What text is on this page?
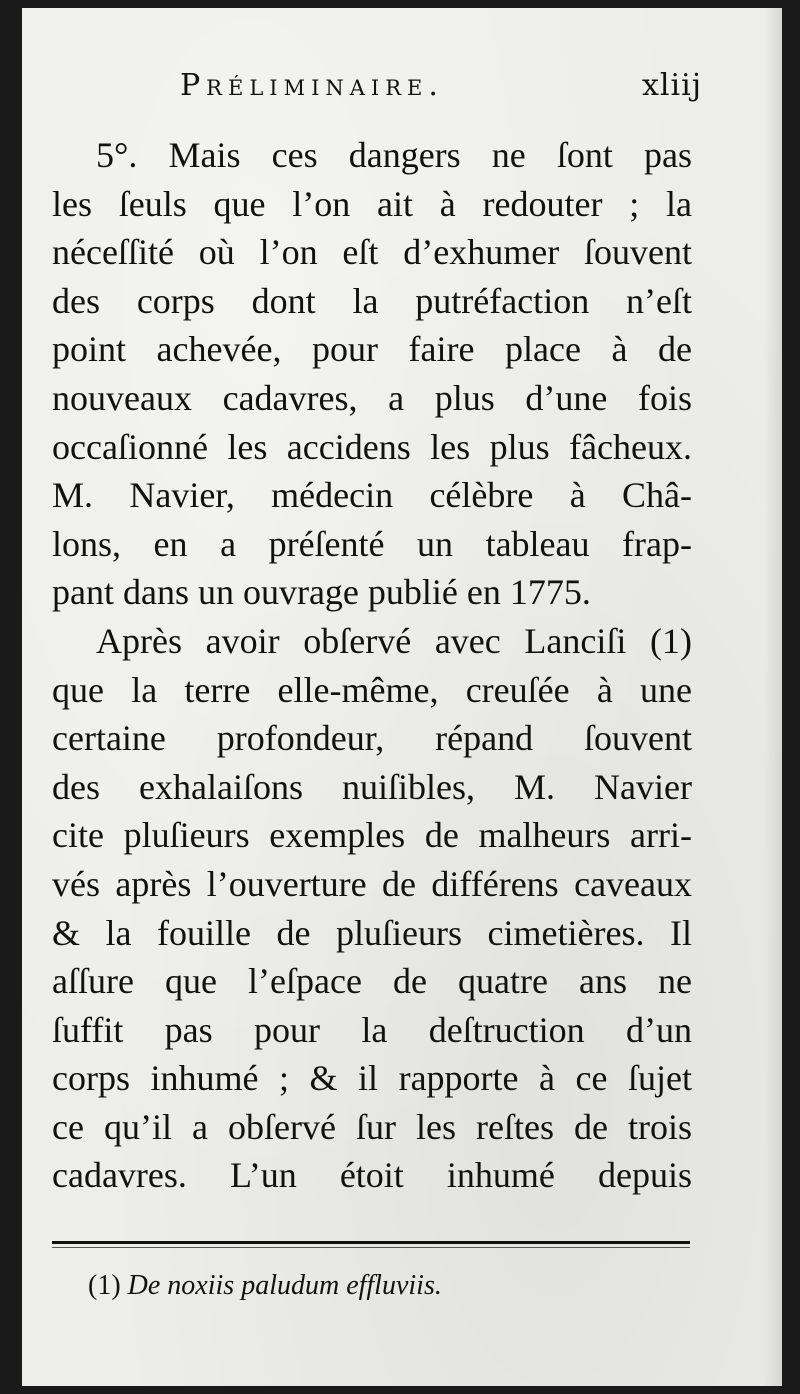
Préliminaire.	xliij
5°. Mais ces dangers ne ſont pas
les ſeuls que l’on ait à redouter ; la
néceſſité où l’on eſt d’exhumer ſouvent
des corps dont la putréfaction n’eſt
point achevée, pour faire place à de
nouveaux cadavres, a plus d’une fois
occaſionné les accidens les plus fâcheux.
M. Navier, médecin célèbre à Châ-
lons, en a préſenté un tableau frap-
pant dans un ouvrage publié en 1775.
Après avoir obſervé avec Lanciſi (1)
que la terre elle-même, creuſée à une
certaine profondeur, répand ſouvent
des exhalaiſons nuiſibles, M. Navier
cite pluſieurs exemples de malheurs arri-
vés après l’ouverture de différens caveaux
& la fouille de pluſieurs cimetières. Il
aſſure que l’eſpace de quatre ans ne
ſuffit pas pour la deſtruction d’un
corps inhumé ; & il rapporte à ce ſujet
ce qu’il a obſervé ſur les reſtes de trois
cadavres. L’un étoit inhumé depuis
(1) De noxiis paludum effluviis.
